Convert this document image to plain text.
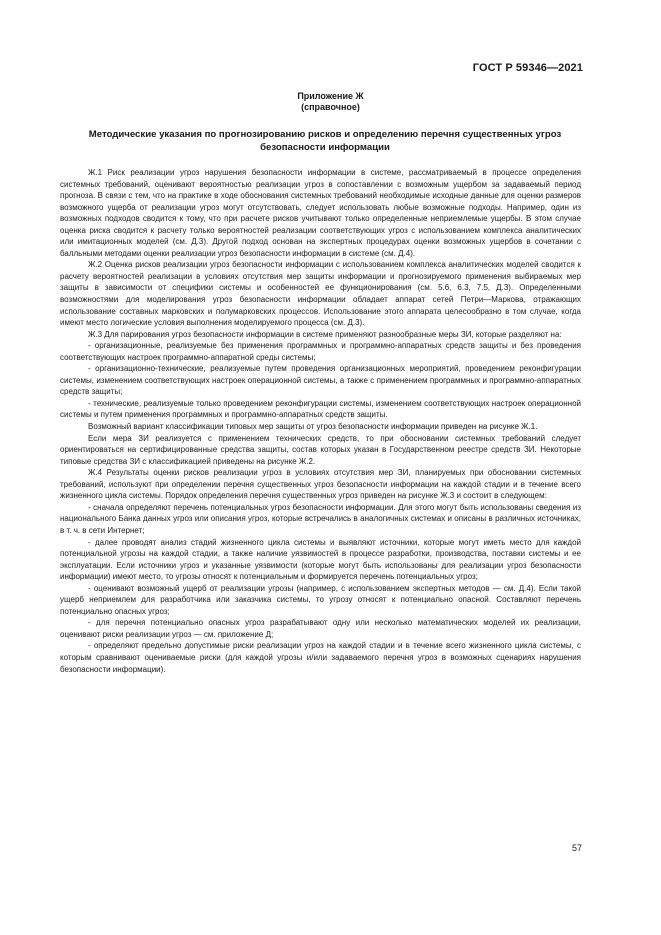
ГОСТ Р 59346—2021
Приложение Ж
(справочное)
Методические указания по прогнозированию рисков и определению перечня существенных угроз безопасности информации

Ж.1 Риск реализации угроз нарушения безопасности информации в системе, рассматриваемый в процессе определения системных требований, оценивают вероятностью реализации угроз в сопоставлении с возможным ущербом за задаваемый период прогноза. В связи с тем, что на практике в ходе обоснования системных требований необходимые исходные данные для оценки размеров возможного ущерба от реализации угроз могут отсутствовать, следует использовать любые возможные подходы. Например, один из возможных подходов сводится к тому, что при расчете рисков учитывают только определенные неприемлемые ущербы. В этом случае оценка риска сводится к расчету только вероятностей реализации соответствующих угроз с использованием комплекса аналитических или имитационных моделей (см. Д.3). Другой подход основан на экспертных процедурах оценки возможных ущербов в сочетании с балльными методами оценки реализации угроз безопасности информации в системе (см. Д.4).

Ж.2 Оценка рисков реализации угроз безопасности информации с использованием комплекса аналитических моделей сводится к расчету вероятностей реализации в условиях отсутствия мер защиты информации и прогнозируемого применения выбираемых мер защиты в зависимости от специфики системы и особенностей ее функционирования (см. 5.6, 6.3, 7.5, Д.3). Определенными возможностями для моделирования угроз безопасности информации обладает аппарат сетей Петри—Маркова, отражающих использование составных марковских и полумарковских процессов. Использование этого аппарата целесообразно в том случае, когда имеют место логические условия выполнения моделируемого процесса (см. Д.3).

Ж.3 Для парирования угроз безопасности информации в системе применяют разнообразные меры ЗИ, которые разделяют на:

- организационные, реализуемые без применения программных и программно-аппаратных средств защиты и без проведения соответствующих настроек программно-аппаратной среды системы;

- организационно-технические, реализуемые путем проведения организационных мероприятий, проведением реконфигурации системы, изменением соответствующих настроек операционной системы, а также с применением программных и программно-аппаратных средств защиты;

- технические, реализуемые только проведением реконфигурации системы, изменением соответствующих настроек операционной системы и путем применения программных и программно-аппаратных средств защиты.

Возможный вариант классификации типовых мер защиты от угроз безопасности информации приведен на рисунке Ж.1.

Если мера ЗИ реализуется с применением технических средств, то при обосновании системных требований следует ориентироваться на сертифицированные средства защиты, состав которых указан в Государственном реестре средств ЗИ. Некоторые типовые средства ЗИ с классификацией приведены на рисунке Ж.2.

Ж.4 Результаты оценки рисков реализации угроз в условиях отсутствия мер ЗИ, планируемых при обосновании системных требований, используют при определении перечня существенных угроз безопасности информации на каждой стадии и в течение всего жизненного цикла системы. Порядок определения перечня существенных угроз приведен на рисунке Ж.3 и состоит в следующем:

- сначала определяют перечень потенциальных угроз безопасности информации. Для этого могут быть использованы сведения из национального Банка данных угроз или описания угроз, которые встречались в аналогичных системах и описаны в различных источниках, в т. ч. в сети Интернет;

- далее проводят анализ стадий жизненного цикла системы и выявляют источники, которые могут иметь место для каждой потенциальной угрозы на каждой стадии, а также наличие уязвимостей в процессе разработки, производства, поставки системы и ее эксплуатации. Если источники угроз и указанные уязвимости (которые могут быть использованы для реализации угроз безопасности информации) имеют место, то угрозы относят к потенциальным и формируется перечень потенциальных угроз;

- оценивают возможный ущерб от реализации угрозы (например, с использованием экспертных методов — см. Д.4). Если такой ущерб неприемлем для разработчика или заказчика системы, то угрозу относят к потенциально опасной. Составляют перечень потенциально опасных угроз;

- для перечня потенциально опасных угроз разрабатывают одну или несколько математических моделей их реализации, оценивают риски реализации угроз — см. приложение Д;

- определяют предельно допустимые риски реализации угроз на каждой стадии и в течение всего жизненного цикла системы, с которым сравнивают оцениваемые риски (для каждой угрозы и/или задаваемого перечня угроз в возможных сценариях нарушения безопасности информации).

57
